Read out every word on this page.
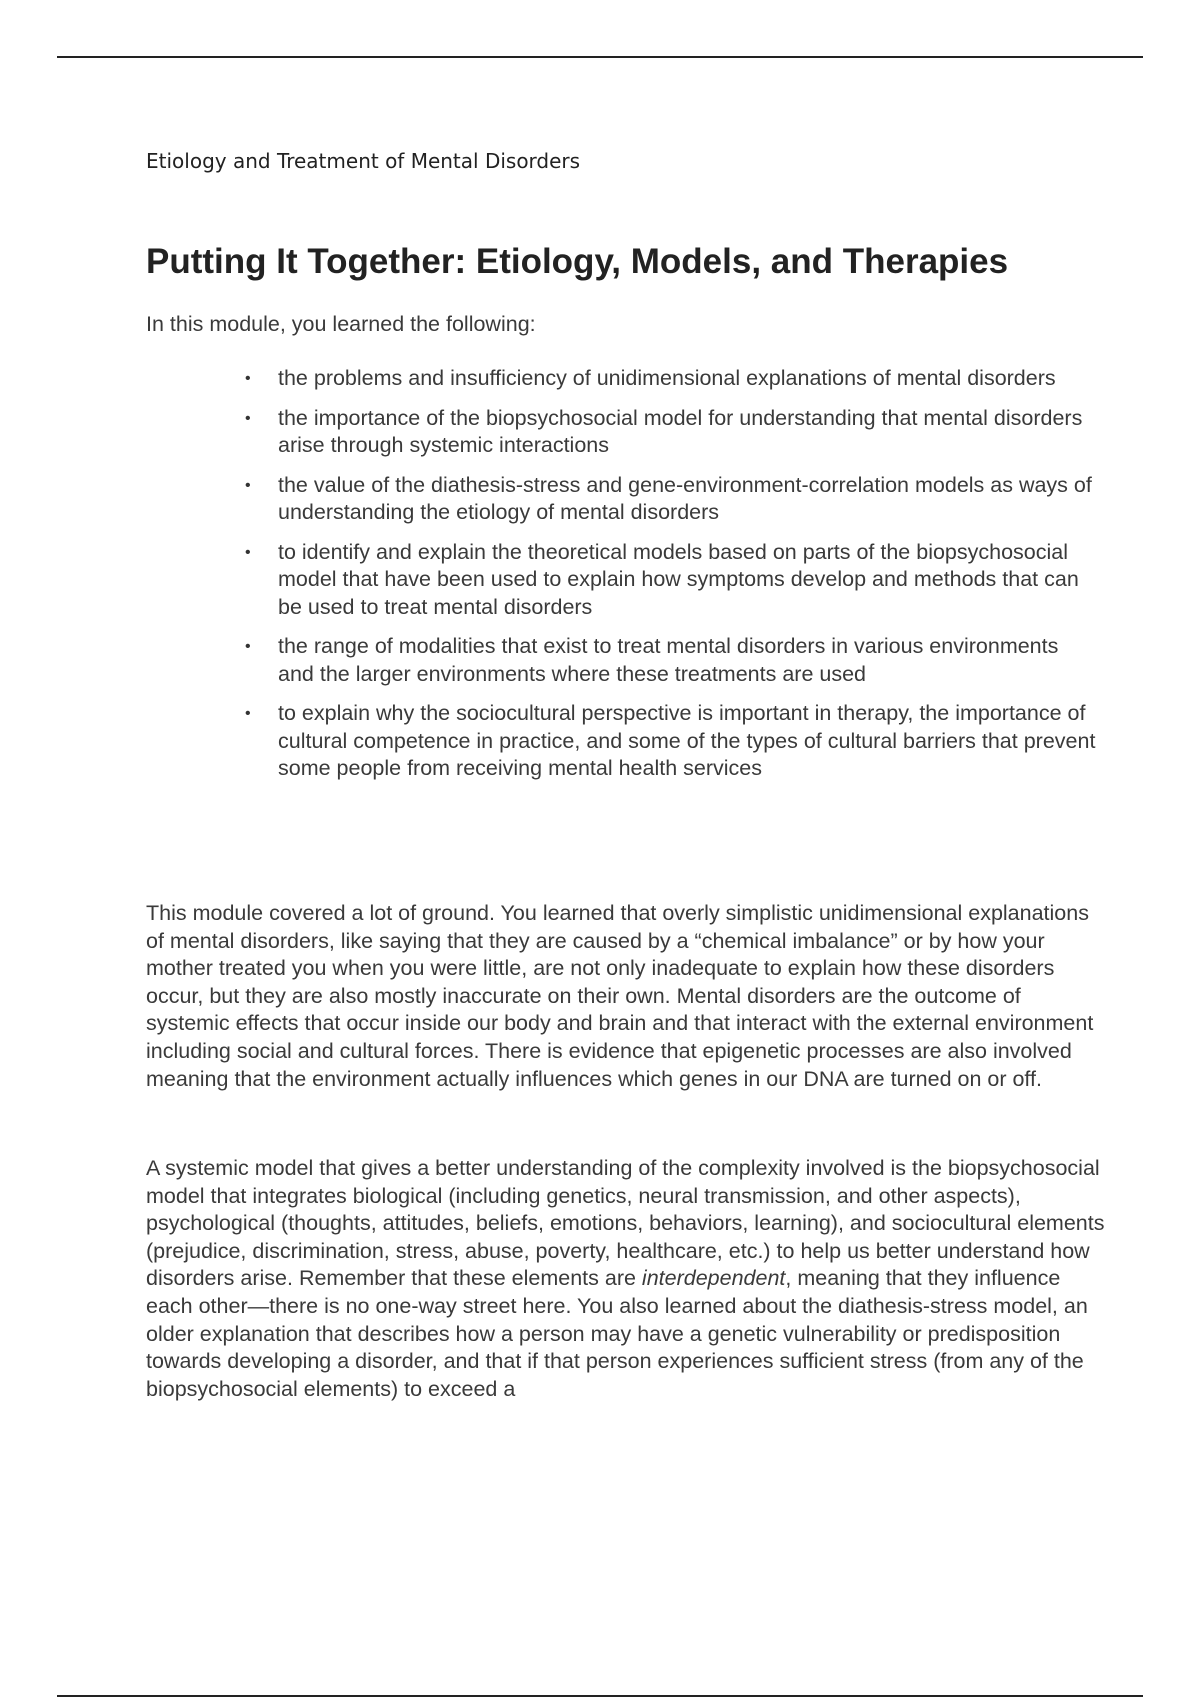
Etiology and Treatment of Mental Disorders

Putting It Together: Etiology, Models, and Therapies

In this module, you learned the following:

• the problems and insufficiency of unidimensional explanations of mental disorders
• the importance of the biopsychosocial model for understanding that mental disorders arise through systemic interactions
• the value of the diathesis-stress and gene-environment-correlation models as ways of understanding the etiology of mental disorders
• to identify and explain the theoretical models based on parts of the biopsychosocial model that have been used to explain how symptoms develop and methods that can be used to treat mental disorders
• the range of modalities that exist to treat mental disorders in various environments and the larger environments where these treatments are used
• to explain why the sociocultural perspective is important in therapy, the importance of cultural competence in practice, and some of the types of cultural barriers that prevent some people from receiving mental health services

This module covered a lot of ground. You learned that overly simplistic unidimensional explanations of mental disorders, like saying that they are caused by a “chemical imbalance” or by how your mother treated you when you were little, are not only inadequate to explain how these disorders occur, but they are also mostly inaccurate on their own. Mental disorders are the outcome of systemic effects that occur inside our body and brain and that interact with the external environment including social and cultural forces. There is evidence that epigenetic processes are also involved meaning that the environment actually influences which genes in our DNA are turned on or off.

A systemic model that gives a better understanding of the complexity involved is the biopsychosocial model that integrates biological (including genetics, neural transmission, and other aspects), psychological (thoughts, attitudes, beliefs, emotions, behaviors, learning), and sociocultural elements (prejudice, discrimination, stress, abuse, poverty, healthcare, etc.) to help us better understand how disorders arise. Remember that these elements are interdependent, meaning that they influence each other—there is no one-way street here. You also learned about the diathesis-stress model, an older explanation that describes how a person may have a genetic vulnerability or predisposition towards developing a disorder, and that if that person experiences sufficient stress (from any of the biopsychosocial elements) to exceed a
